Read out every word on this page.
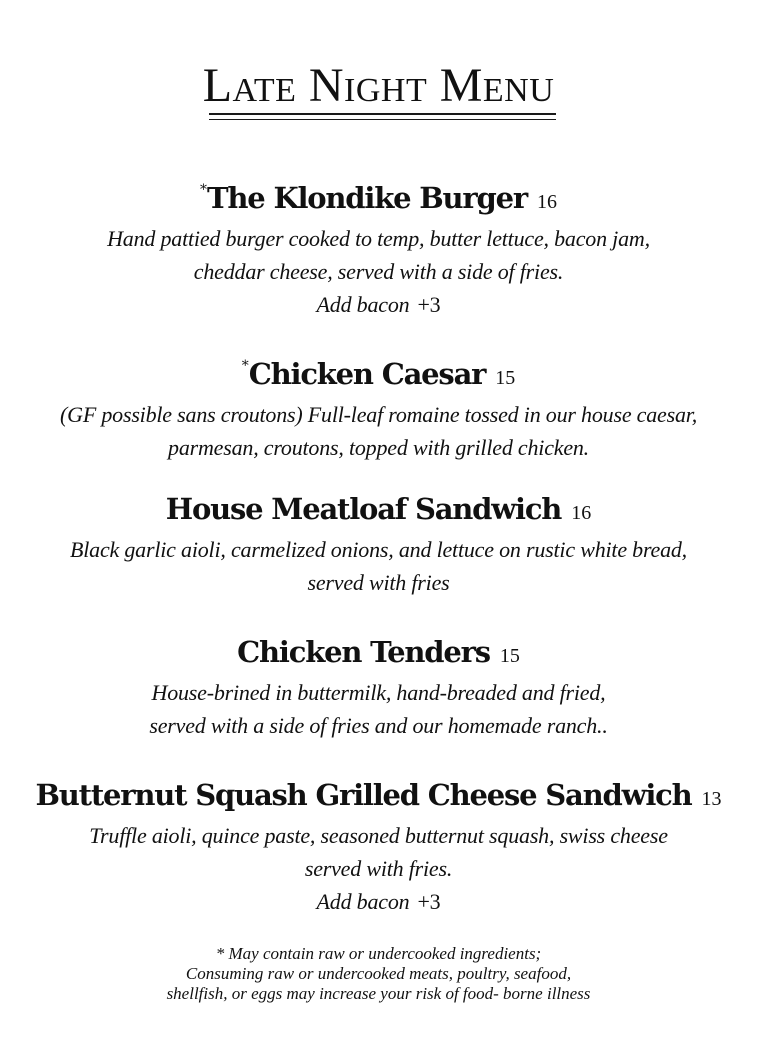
Late Night Menu
*The Klondike Burger 16
Hand pattied burger cooked to temp, butter lettuce, bacon jam,
cheddar cheese, served with a side of fries.
Add bacon +3
*Chicken Caesar 15
(GF possible sans croutons) Full-leaf romaine tossed in our house caesar,
parmesan, croutons, topped with grilled chicken.
House Meatloaf Sandwich 16
Black garlic aioli, carmelized onions, and lettuce on rustic white bread,
served with fries
Chicken Tenders 15
House-brined in buttermilk, hand-breaded and fried,
served with a side of fries and our homemade ranch..
Butternut Squash Grilled Cheese Sandwich 13
Truffle aioli, quince paste, seasoned butternut squash, swiss cheese
served with fries.
Add bacon +3
* May contain raw or undercooked ingredients;
Consuming raw or undercooked meats, poultry, seafood,
shellfish, or eggs may increase your risk of food- borne illness
